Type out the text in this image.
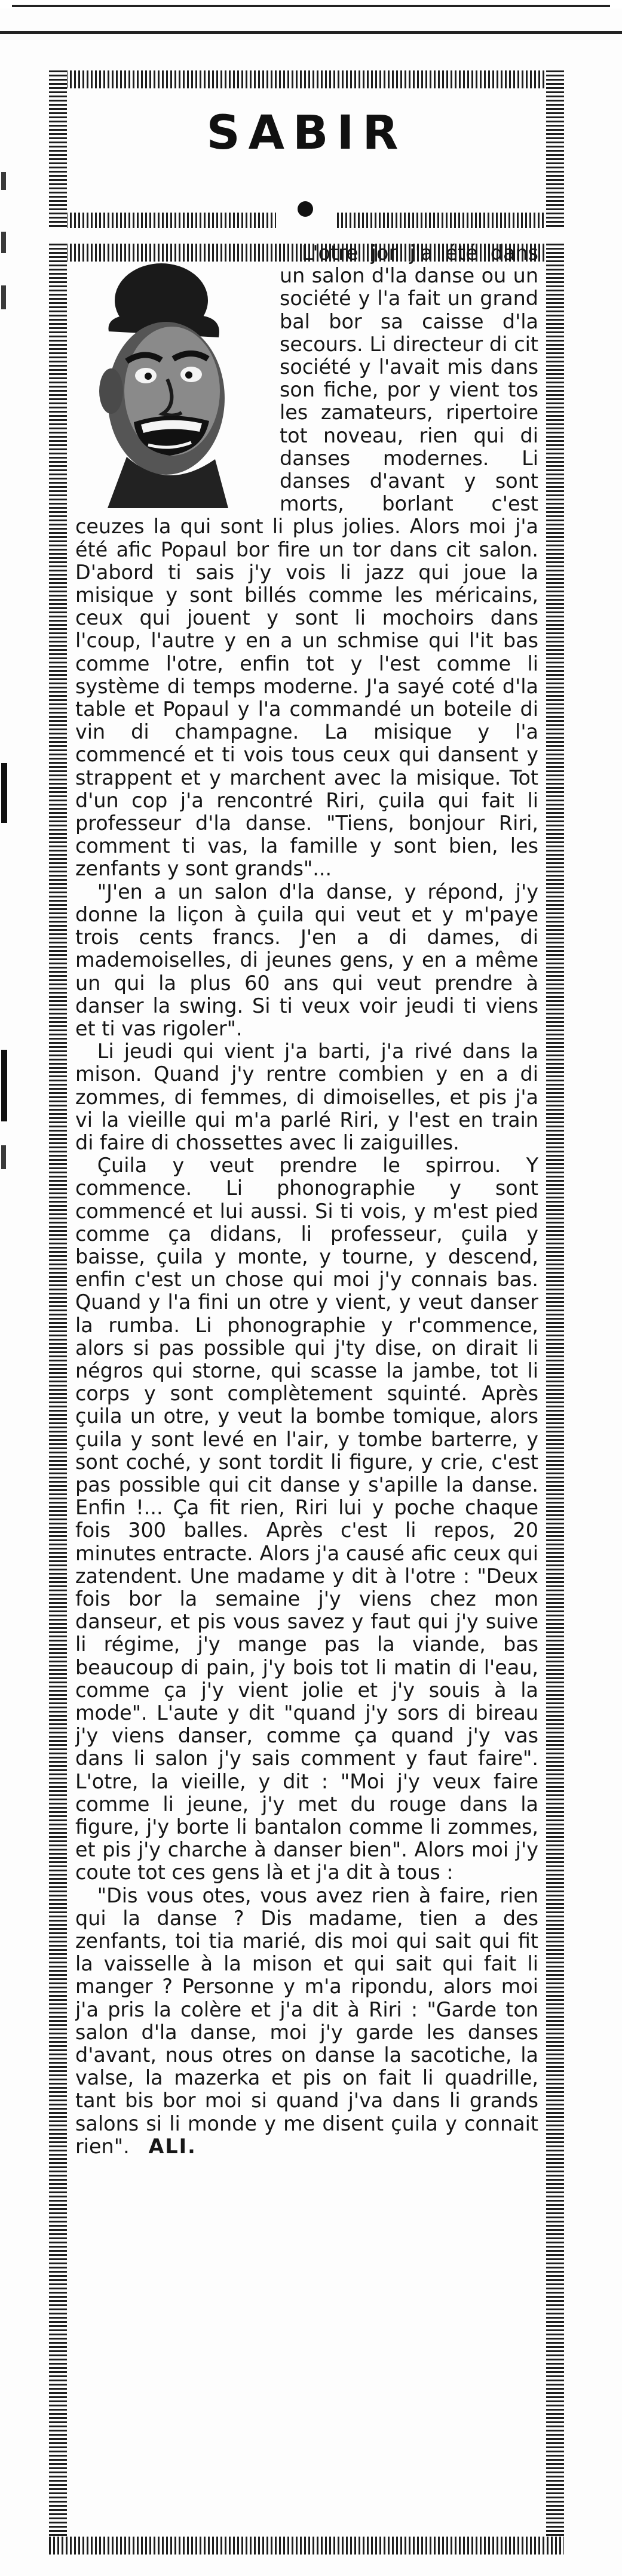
SABIR

L'otre jor j'a été dans un salon d'la danse ou un société y l'a fait un grand bal bor sa caisse d'la secours. Li directeur di cit société y l'avait mis dans son fiche, por y vient tos les zamateurs, ripertoire tot noveau, rien qui di danses modernes. Li danses d'avant y sont morts, borlant c'est ceuzes la qui sont li plus jolies. Alors moi j'a été afic Popaul bor fire un tor dans cit salon. D'abord ti sais j'y vois li jazz qui joue la misique y sont billés comme les méricains, ceux qui jouent y sont li mochoirs dans l'coup, l'autre y en a un schmise qui l'it bas comme l'otre, enfin tot y l'est comme li système di temps moderne. J'a sayé coté d'la table et Popaul y l'a commandé un boteile di vin di champagne. La misique y l'a commencé et ti vois tous ceux qui dansent y strappent et y marchent avec la misique. Tot d'un cop j'a rencontré Riri, çuila qui fait li professeur d'la danse. "Tiens, bonjour Riri, comment ti vas, la famille y sont bien, les zenfants y sont grands"...

"J'en a un salon d'la danse, y répond, j'y donne la liçon à çuila qui veut et y m'paye trois cents francs. J'en a di dames, di mademoiselles, di jeunes gens, y en a même un qui la plus 60 ans qui veut prendre à danser la swing. Si ti veux voir jeudi ti viens et ti vas rigoler".

Li jeudi qui vient j'a barti, j'a rivé dans la mison. Quand j'y rentre combien y en a di zommes, di femmes, di dimoiselles, et pis j'a vi la vieille qui m'a parlé Riri, y l'est en train di faire di chossettes avec li zaiguilles.

Çuila y veut prendre le spirrou. Y commence. Li phonographie y sont commencé et lui aussi. Si ti vois, y m'est pied comme ça didans, li professeur, çuila y baisse, çuila y monte, y tourne, y descend, enfin c'est un chose qui moi j'y connais bas. Quand y l'a fini un otre y vient, y veut danser la rumba. Li phonographie y r'commence, alors si pas possible qui j'ty dise, on dirait li négros qui storne, qui scasse la jambe, tot li corps y sont complètement squinté. Après çuila un otre, y veut la bombe tomique, alors çuila y sont levé en l'air, y tombe barterre, y sont coché, y sont tordit li figure, y crie, c'est pas possible qui cit danse y s'apille la danse. Enfin !... Ça fit rien, Riri lui y poche chaque fois 300 balles. Après c'est li repos, 20 minutes entracte. Alors j'a causé afic ceux qui zatendent. Une madame y dit à l'otre : "Deux fois bor la semaine j'y viens chez mon danseur, et pis vous savez y faut qui j'y suive li régime, j'y mange pas la viande, bas beaucoup di pain, j'y bois tot li matin di l'eau, comme ça j'y vient jolie et j'y souis à la mode". L'aute y dit "quand j'y sors di bireau j'y viens danser, comme ça quand j'y vas dans li salon j'y sais comment y faut faire". L'otre, la vieille, y dit : "Moi j'y veux faire comme li jeune, j'y met du rouge dans la figure, j'y borte li bantalon comme li zommes, et pis j'y charche à danser bien". Alors moi j'y coute tot ces gens là et j'a dit à tous :

"Dis vous otes, vous avez rien à faire, rien qui la danse ? Dis madame, tien a des zenfants, toi tia marié, dis moi qui sait qui fit la vaisselle à la mison et qui sait qui fait li manger ? Personne y m'a ripondu, alors moi j'a pris la colère et j'a dit à Riri : "Garde ton salon d'la danse, moi j'y garde les danses d'avant, nous otres on danse la sacotiche, la valse, la mazerka et pis on fait li quadrille, tant bis bor moi si quand j'va dans li grands salons si li monde y me disent çuila y connait rien". ALI.
